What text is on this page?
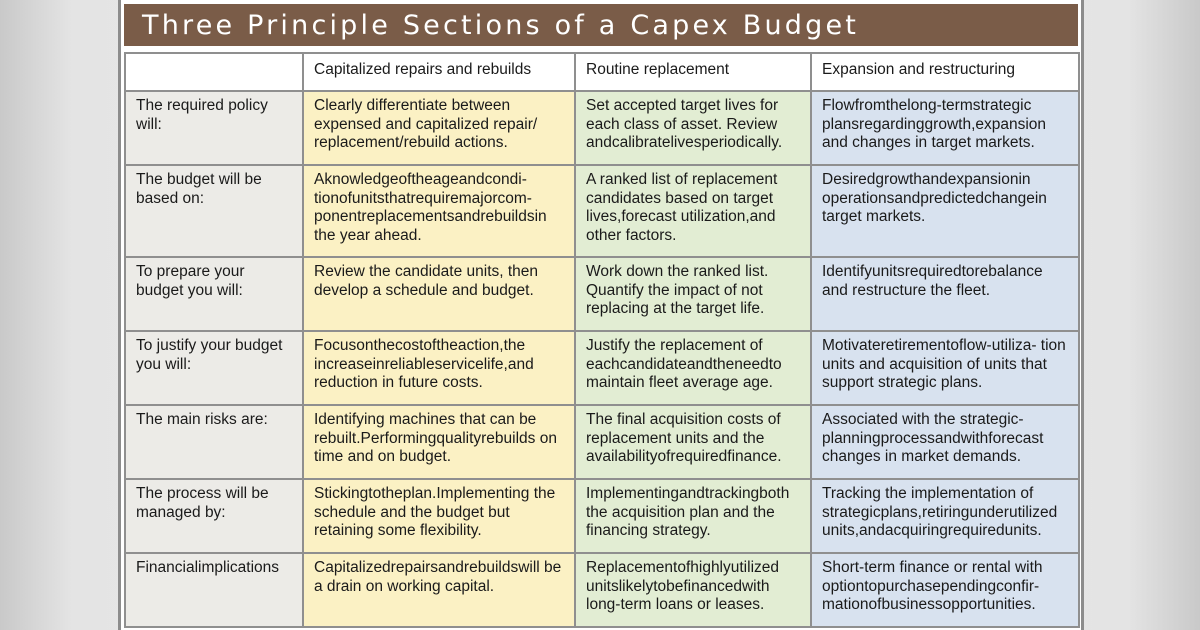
Three Principle Sections of a Capex Budget
	Capitalized repairs and rebuilds	Routine replacement	Expansion and restructuring
The required policy will:	Clearly differentiate between expensed and capitalized repair/ replacement/rebuild actions.	Set accepted target lives for each class of asset. Review andcalibratelivesperiodically.	Flowfromthelong-termstrategic plansregardinggrowth,expansion and changes in target markets.
The budget will be based on:	Aknowledgeoftheageandcondi- tionofunitsthatrequiremajorcom- ponentreplacementsandrebuildsin the year ahead.	A ranked list of replacement candidates based on target lives,forecast utilization,and other factors.	Desiredgrowthandexpansionin operationsandpredictedchangein target markets.
To prepare your budget you will:	Review the candidate units, then develop a schedule and budget.	Work down the ranked list. Quantify the impact of not replacing at the target life.	Identifyunitsrequiredtorebalance and restructure the fleet.
To justify your budget you will:	Focusonthecostoftheaction,the increaseinreliableservicelife,and reduction in future costs.	Justify the replacement of eachcandidateandtheneedto maintain fleet average age.	Motivateretirementoflow-utiliza- tion units and acquisition of units that support strategic plans.
The main risks are:	Identifying machines that can be rebuilt.Performingqualityrebuilds on time and on budget.	The final acquisition costs of replacement units and the availabilityofrequiredfinance.	Associated with the strategic- planningprocessandwithforecast changes in market demands.
The process will be managed by:	Stickingtotheplan.Implementing the schedule and the budget but retaining some flexibility.	Implementingandtrackingboth the acquisition plan and the financing strategy.	Tracking the implementation of strategicplans,retiringunderutilized units,andacquiringrequiredunits.
Financialimplications	Capitalizedrepairsandrebuildswill be a drain on working capital.	Replacementofhighlyutilized unitslikelytobefinancedwith long-term loans or leases.	Short-term finance or rental with optiontopurchasependingconfir- mationofbusinessopportunities.
